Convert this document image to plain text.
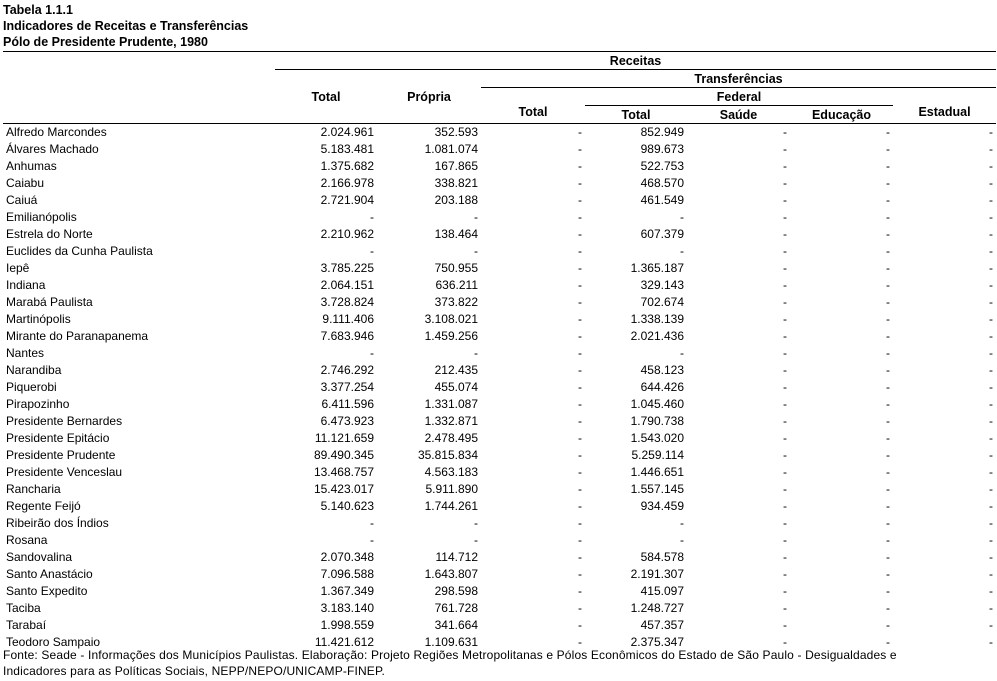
Tabela 1.1.1
Indicadores de Receitas e Transferências
Pólo de Presidente Prudente, 1980
	Receitas						
	Total	Própria	Transferências				
			Total	Federal			Estadual
				Total	Saúde	Educação	
Alfredo Marcondes	2.024.961	352.593	-	852.949	-	-	-
Álvares Machado	5.183.481	1.081.074	-	989.673	-	-	-
Anhumas	1.375.682	167.865	-	522.753	-	-	-
Caiabu	2.166.978	338.821	-	468.570	-	-	-
Caiuá	2.721.904	203.188	-	461.549	-	-	-
Emilianópolis	-	-	-	-	-	-	-
Estrela do Norte	2.210.962	138.464	-	607.379	-	-	-
Euclides da Cunha Paulista	-	-	-	-	-	-	-
Iepê	3.785.225	750.955	-	1.365.187	-	-	-
Indiana	2.064.151	636.211	-	329.143	-	-	-
Marabá Paulista	3.728.824	373.822	-	702.674	-	-	-
Martinópolis	9.111.406	3.108.021	-	1.338.139	-	-	-
Mirante do Paranapanema	7.683.946	1.459.256	-	2.021.436	-	-	-
Nantes	-	-	-	-	-	-	-
Narandiba	2.746.292	212.435	-	458.123	-	-	-
Piquerobi	3.377.254	455.074	-	644.426	-	-	-
Pirapozinho	6.411.596	1.331.087	-	1.045.460	-	-	-
Presidente Bernardes	6.473.923	1.332.871	-	1.790.738	-	-	-
Presidente Epitácio	11.121.659	2.478.495	-	1.543.020	-	-	-
Presidente Prudente	89.490.345	35.815.834	-	5.259.114	-	-	-
Presidente Venceslau	13.468.757	4.563.183	-	1.446.651	-	-	-
Rancharia	15.423.017	5.911.890	-	1.557.145	-	-	-
Regente Feijó	5.140.623	1.744.261	-	934.459	-	-	-
Ribeirão dos Índios	-	-	-	-	-	-	-
Rosana	-	-	-	-	-	-	-
Sandovalina	2.070.348	114.712	-	584.578	-	-	-
Santo Anastácio	7.096.588	1.643.807	-	2.191.307	-	-	-
Santo Expedito	1.367.349	298.598	-	415.097	-	-	-
Taciba	3.183.140	761.728	-	1.248.727	-	-	-
Tarabaí	1.998.559	341.664	-	457.357	-	-	-
Teodoro Sampaio	11.421.612	1.109.631	-	2.375.347	-	-	-
Fonte: Seade - Informações dos Municípios Paulistas. Elaboração: Projeto Regiões Metropolitanas e Pólos Econômicos do Estado de São Paulo - Desigualdades e
Indicadores para as Políticas Sociais, NEPP/NEPO/UNICAMP-FINEP.
